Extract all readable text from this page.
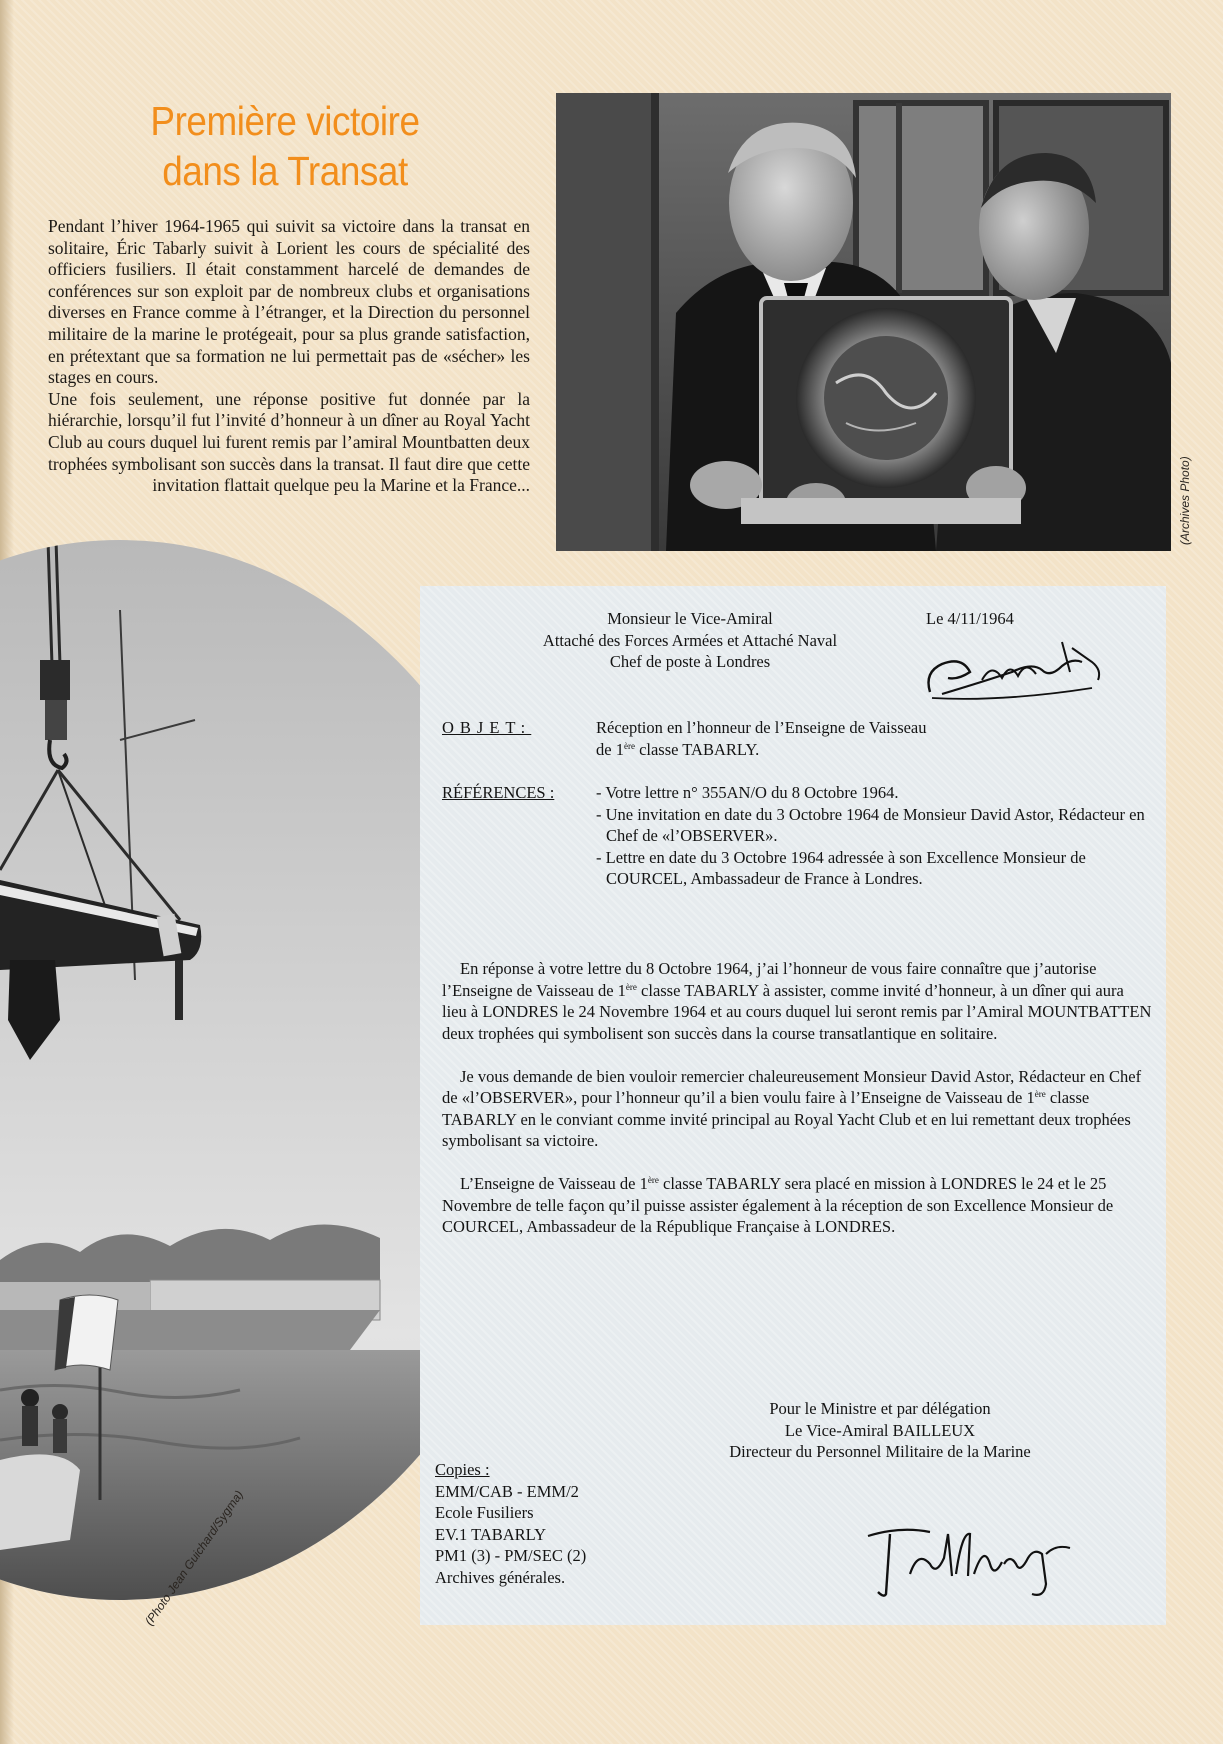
Première victoire
dans la Transat

Pendant l’hiver 1964-1965 qui suivit sa victoire dans la transat en solitaire, Éric Tabarly suivit à Lorient les cours de spécialité des officiers fusiliers. Il était constamment harcelé de demandes de conférences sur son exploit par de nombreux clubs et organisations diverses en France comme à l’étranger, et la Direction du personnel militaire de la marine le protégeait, pour sa plus grande satisfaction, en prétextant que sa formation ne lui permettait pas de «sécher» les stages en cours.

Une fois seulement, une réponse positive fut donnée par la hiérarchie, lorsqu’il fut l’invité d’honneur à un dîner au Royal Yacht Club au cours duquel lui furent remis par l’amiral Mountbatten deux trophées symbolisant son succès dans la transat. Il faut dire que cette invitation flattait quelque peu la Marine et la France...	(Archives Photo)
(Photo Jean Guichard/Sygma)
Monsieur le Vice-Amiral
Attaché des Forces Armées et Attaché Naval
Chef de poste à Londres
Le 4/11/1964
OBJET:	Réception en l’honneur de l’Enseigne de Vaisseau
de 1ère classe TABARLY.
RÉFÉRENCES :	- Votre lettre n° 355AN/O du 8 Octobre 1964.
- Une invitation en date du 3 Octobre 1964 de Monsieur David Astor, Rédacteur en Chef de «l’OBSERVER».
- Lettre en date du 3 Octobre 1964 adressée à son Excellence Monsieur de COURCEL, Ambassadeur de France à Londres.

En réponse à votre lettre du 8 Octobre 1964, j’ai l’honneur de vous faire connaître que j’autorise l’Enseigne de Vaisseau de 1ère classe TABARLY à assister, comme invité d’honneur, à un dîner qui aura lieu à LONDRES le 24 Novembre 1964 et au cours duquel lui seront remis par l’Amiral MOUNTBATTEN deux trophées qui symbolisent son succès dans la course transatlantique en solitaire.

Je vous demande de bien vouloir remercier chaleureusement Monsieur David Astor, Rédacteur en Chef de «l’OBSERVER», pour l’honneur qu’il a bien voulu faire à l’Enseigne de Vaisseau de 1ère classe TABARLY en le conviant comme invité principal au Royal Yacht Club et en lui remettant deux trophées symbolisant sa victoire.

L’Enseigne de Vaisseau de 1ère classe TABARLY sera placé en mission à LONDRES le 24 et le 25 Novembre de telle façon qu’il puisse assister également à la réception de son Excellence Monsieur de COURCEL, Ambassadeur de la République Française à LONDRES.

Pour le Ministre et par délégation
Le Vice-Amiral BAILLEUX
Directeur du Personnel Militaire de la Marine
Copies :
EMM/CAB - EMM/2
Ecole Fusiliers
EV.1 TABARLY
PM1 (3) - PM/SEC (2)
Archives générales.
